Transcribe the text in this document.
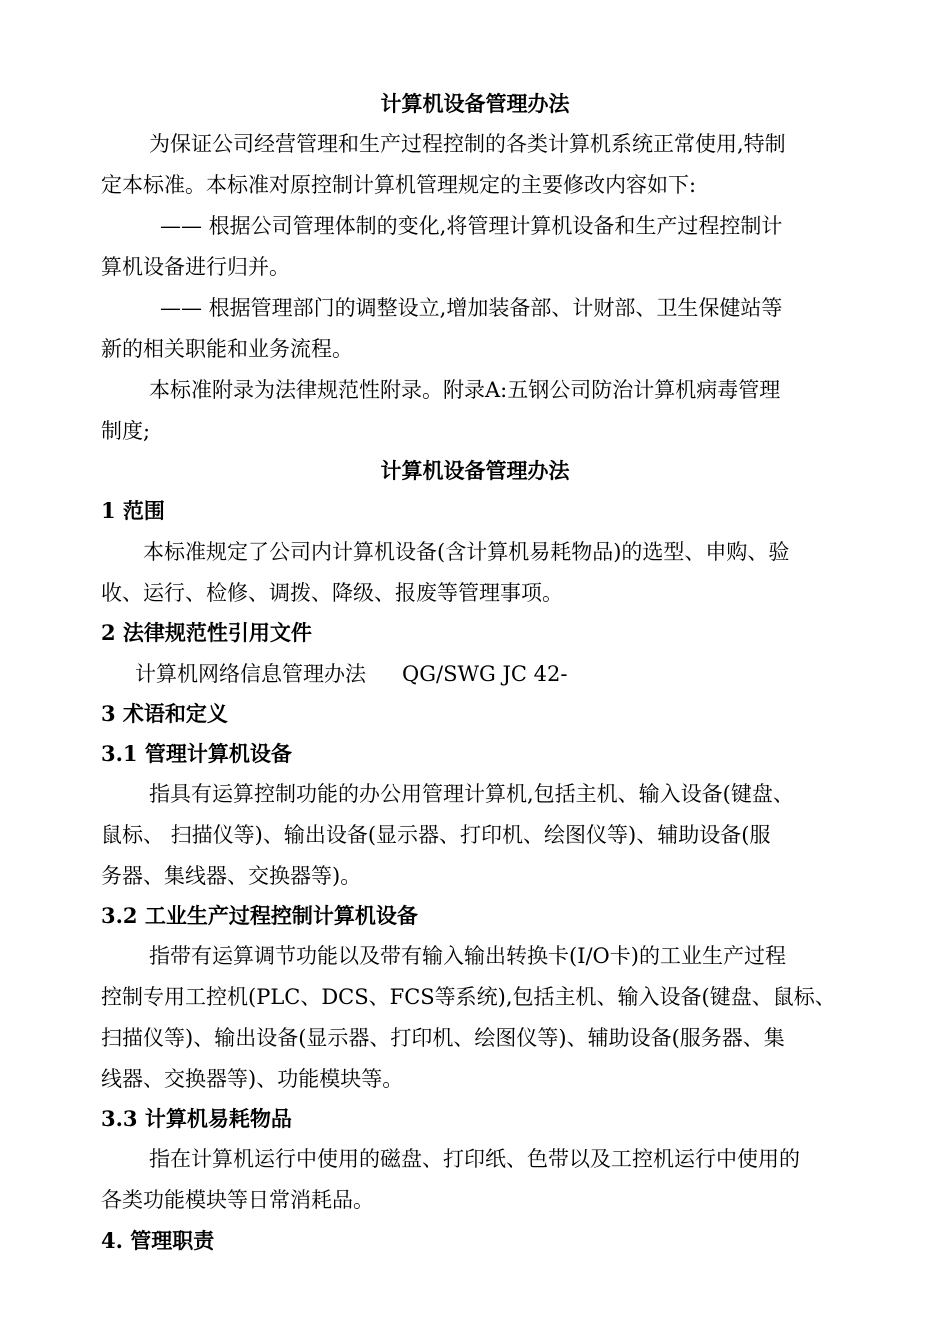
计算机设备管理办法
为保证公司经营管理和生产过程控制的各类计算机系统正常使用,特制
定本标准。本标准对原控制计算机管理规定的主要修改内容如下:
—— 根据公司管理体制的变化,将管理计算机设备和生产过程控制计
算机设备进行归并。
—— 根据管理部门的调整设立,增加装备部、计财部、卫生保健站等
新的相关职能和业务流程。
本标准附录为法律规范性附录。附录A:五钢公司防治计算机病毒管理
制度;
计算机设备管理办法
1 范围
本标准规定了公司内计算机设备(含计算机易耗物品)的选型、申购、验
收、运行、检修、调拨、降级、报废等管理事项。
2 法律规范性引用文件
计算机网络信息管理办法 QG/SWG JC 42-
3 术语和定义
3.1 管理计算机设备
指具有运算控制功能的办公用管理计算机,包括主机、输入设备(键盘、
鼠标、 扫描仪等)、输出设备(显示器、打印机、绘图仪等)、辅助设备(服
务器、集线器、交换器等)。
3.2 工业生产过程控制计算机设备
指带有运算调节功能以及带有输入输出转换卡(I/O卡)的工业生产过程
控制专用工控机(PLC、DCS、FCS等系统),包括主机、输入设备(键盘、鼠标、
扫描仪等)、输出设备(显示器、打印机、绘图仪等)、辅助设备(服务器、集
线器、交换器等)、功能模块等。
3.3 计算机易耗物品
指在计算机运行中使用的磁盘、打印纸、色带以及工控机运行中使用的
各类功能模块等日常消耗品。
4. 管理职责
